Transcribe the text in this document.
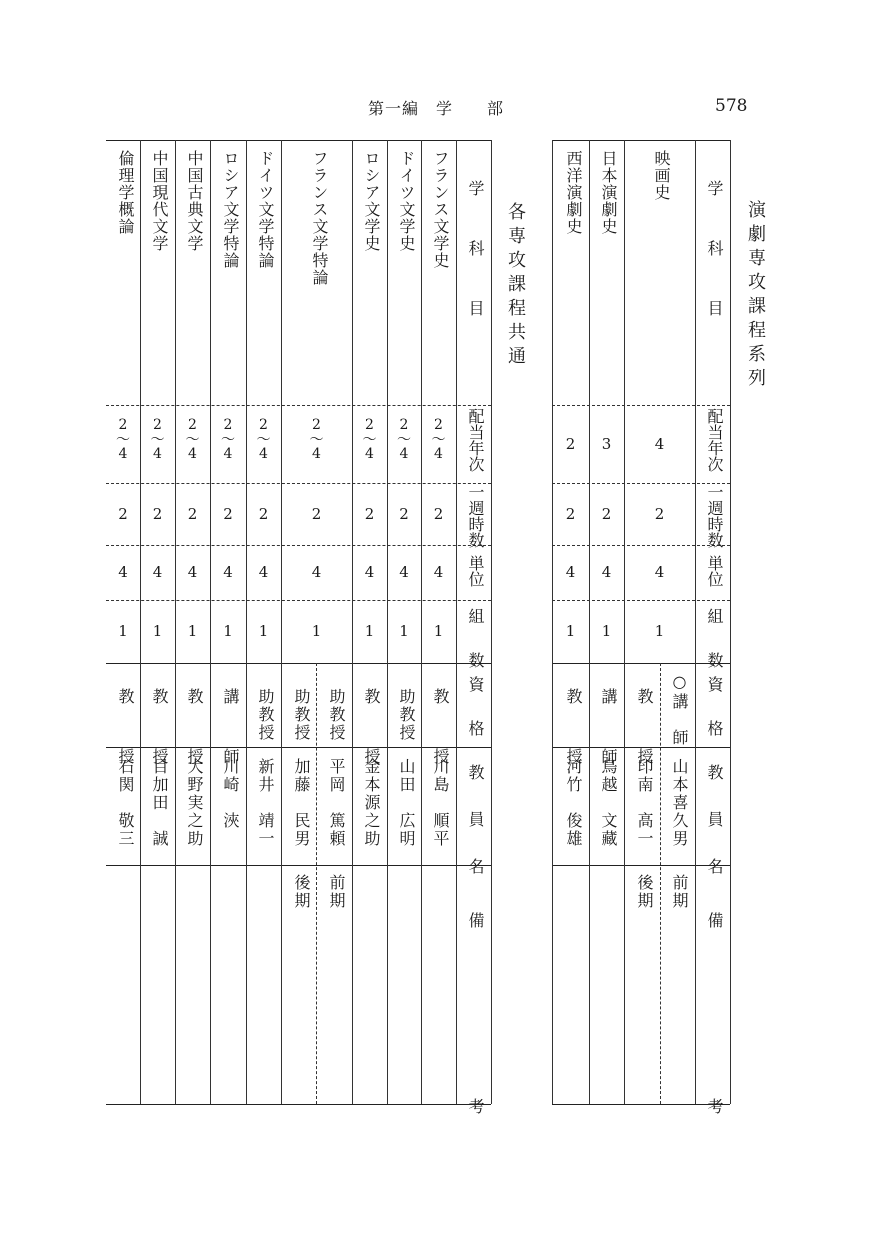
第一編　学　　部	578
演劇専攻課程系列
学　科　目
配当年次
一週時数
単位
組　数
資　格
教 員 名
備　　考
映画史
4
2
4
1
○講　師
教　授
山本喜久男
印南　高一
前期
後期
日本演劇史
3
2
4
1
講　師
鳥越　文藏
西洋演劇史
2
2
4
1
教　授
河竹　俊雄
各専攻課程共通
学　科　目
配当年次
一週時数
単位
組　数
資　格
教 員 名
備　　考
フランス文学史
2
〜
4
2
4
1
教　授
川島　順平
ドイツ文学史
2
〜
4
2
4
1
助教授
山田　広明
ロシア文学史
2
〜
4
2
4
1
教　授
金本源之助
フランス文学特論
2
〜
4
2
4
1
助教授
助教授
平岡　篤頼
加藤　民男
前期
後期
ドイツ文学特論
2
〜
4
2
4
1
助教授
新井　靖一
ロシア文学特論
2
〜
4
2
4
1
講　師
川崎　浹
中国古典文学
2
〜
4
2
4
1
教　授
大野実之助
中国現代文学
2
〜
4
2
4
1
教　授
目加田　誠
倫理学概論
2
〜
4
2
4
1
教　授
石関　敬三
